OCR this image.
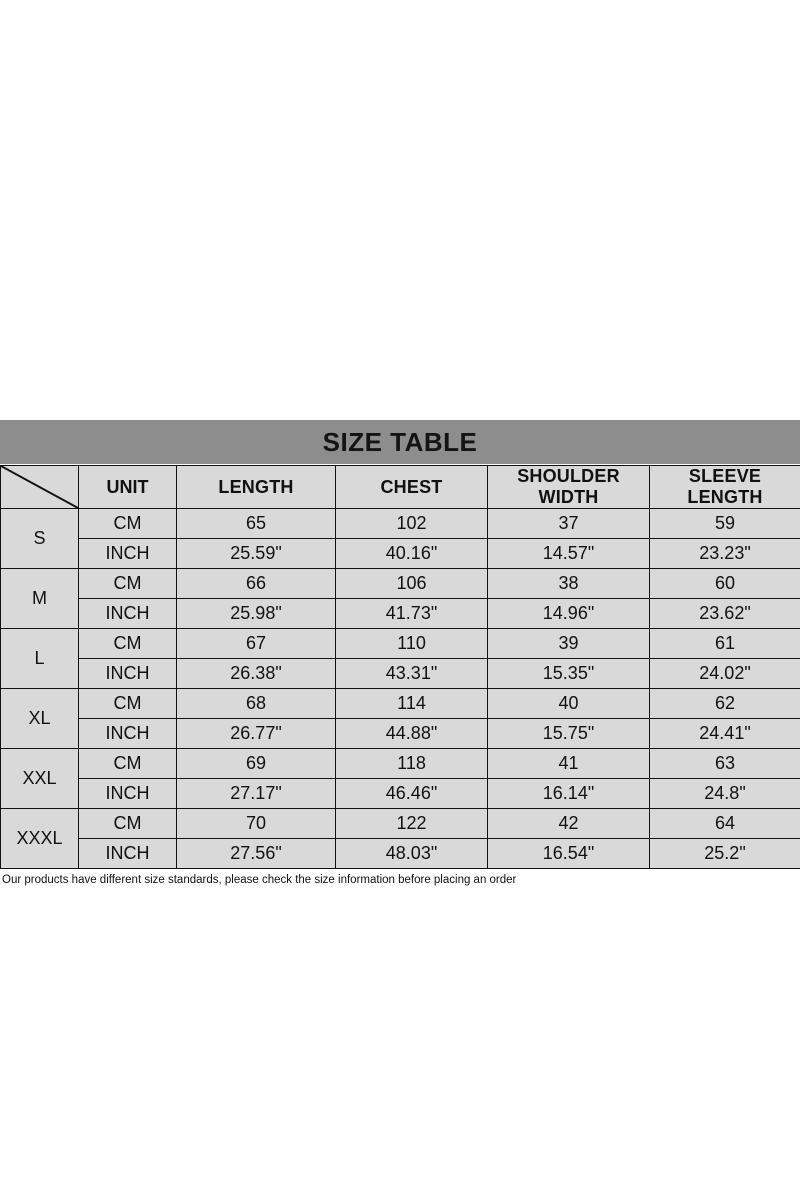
SIZE TABLE
	UNIT	LENGTH	CHEST	SHOULDER WIDTH	SLEEVE LENGTH
S	CM	65	102	37	59
	INCH	25.59"	40.16"	14.57"	23.23"
M	CM	66	106	38	60
	INCH	25.98"	41.73"	14.96"	23.62"
L	CM	67	110	39	61
	INCH	26.38"	43.31"	15.35"	24.02"
XL	CM	68	114	40	62
	INCH	26.77"	44.88"	15.75"	24.41"
XXL	CM	69	118	41	63
	INCH	27.17"	46.46"	16.14"	24.8"
XXXL	CM	70	122	42	64
	INCH	27.56"	48.03"	16.54"	25.2"
Our products have different size standards, please check the size information before placing an order
